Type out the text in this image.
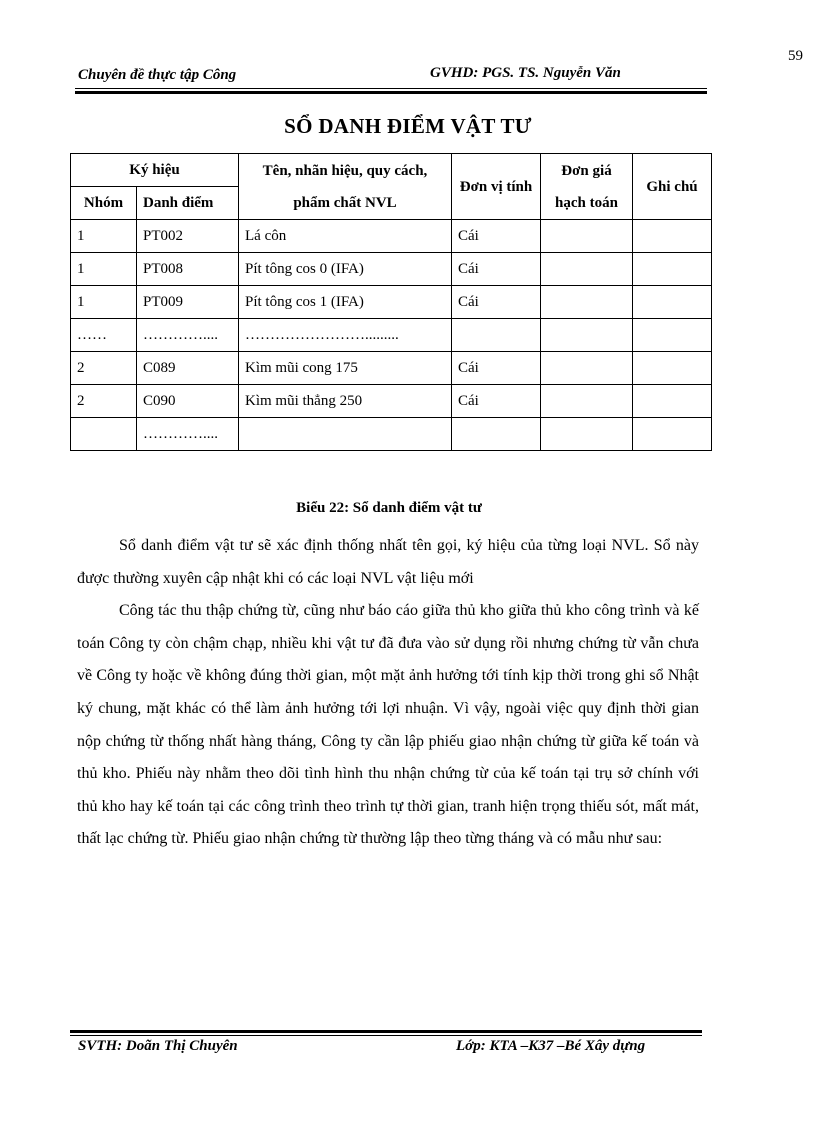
59
Chuyên đề thực tập Công	GVHD: PGS. TS. Nguyễn Văn
SỔ DANH ĐIỂM VẬT TƯ
Ký hiệu		Tên, nhãn hiệu, quy cách, phẩm chất NVL	Đơn vị tính	Đơn giá hạch toán	Ghi chú
Nhóm	Danh điểm				
1	PT002	Lá côn	Cái		
1	PT008	Pít tông cos 0 (IFA)	Cái		
1	PT009	Pít tông cos 1 (IFA)	Cái		
……	…………....	…………………….........			
2	C089	Kìm mũi cong 175	Cái		
2	C090	Kìm mũi thẳng 250	Cái		
	…………....				
Biểu 22: Sổ danh điểm vật tư

Sổ danh điểm vật tư sẽ xác định thống nhất tên gọi, ký hiệu của từng loại NVL. Sổ này được thường xuyên cập nhật khi có các loại NVL vật liệu mới

Công tác thu thập chứng từ, cũng như báo cáo giữa thủ kho giữa thủ kho công trình và kế toán Công ty còn chậm chạp, nhiều khi vật tư đã đưa vào sử dụng rồi nhưng chứng từ vẫn chưa về Công ty hoặc về không đúng thời gian, một mặt ảnh hưởng tới tính kịp thời trong ghi sổ Nhật ký chung, mặt khác có thể làm ảnh hưởng tới lợi nhuận. Vì vậy, ngoài việc quy định thời gian nộp chứng từ thống nhất hàng tháng, Công ty cần lập phiếu giao nhận chứng từ giữa kế toán và thủ kho. Phiếu này nhằm theo dõi tình hình thu nhận chứng từ của kế toán tại trụ sở chính với thủ kho hay kế toán tại các công trình theo trình tự thời gian, tranh hiện trọng thiếu sót, mất mát, thất lạc chứng từ. Phiếu giao nhận chứng từ thường lập theo từng tháng và có mẫu như sau:

SVTH: Doãn Thị Chuyên	Lớp: KTA –K37 –Bé Xây dựng
